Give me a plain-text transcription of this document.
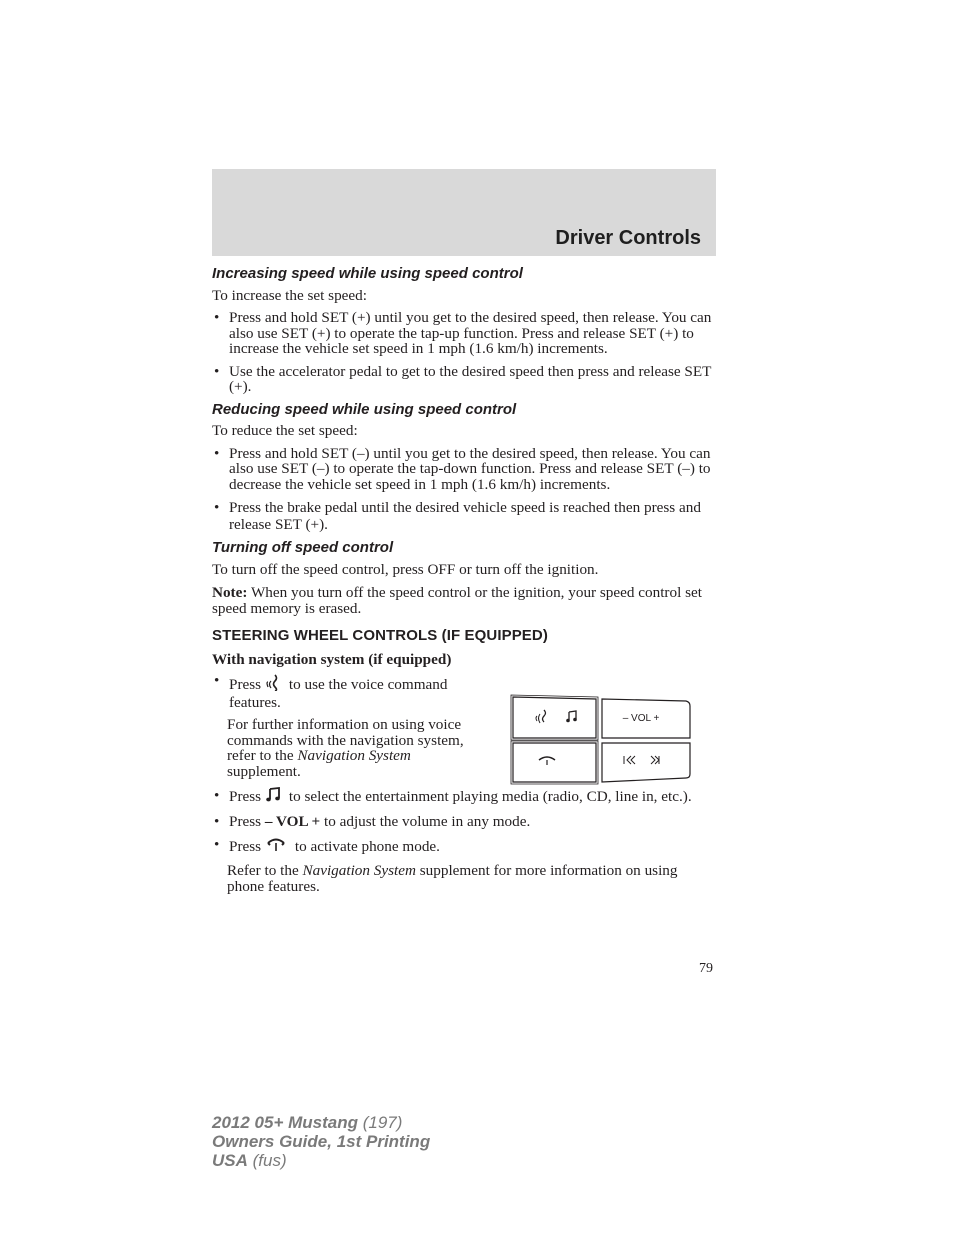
Driver Controls
Increasing speed while using speed control

To increase the set speed:

• Press and hold SET (+) until you get to the desired speed, then release. You can also use SET (+) to operate the tap-up function. Press and release SET (+) to increase the vehicle set speed in 1 mph (1.6 km/h) increments.
• Use the accelerator pedal to get to the desired speed then press and release SET (+).
Reducing speed while using speed control

To reduce the set speed:

• Press and hold SET (–) until you get to the desired speed, then release. You can also use SET (–) to operate the tap-down function. Press and release SET (–) to decrease the vehicle set speed in 1 mph (1.6 km/h) increments.
• Press the brake pedal until the desired vehicle speed is reached then press and release SET (+).
Turning off speed control

To turn off the speed control, press OFF or turn off the ignition.

Note: When you turn off the speed control or the ignition, your speed control set speed memory is erased.

STEERING WHEEL CONTROLS (IF EQUIPPED)

With navigation system (if equipped)

• Press to use the voice command features.

For further information on using voice commands with the navigation system, refer to the Navigation System supplement.

• Press to select the entertainment playing media (radio, CD, line in, etc.).
• Press – VOL + to adjust the volume in any mode.
• Press to activate phone mode.

Refer to the Navigation System supplement for more information on using phone features.

– VOL +
79
2012 05+ Mustang (197)
Owners Guide, 1st Printing
USA (fus)
